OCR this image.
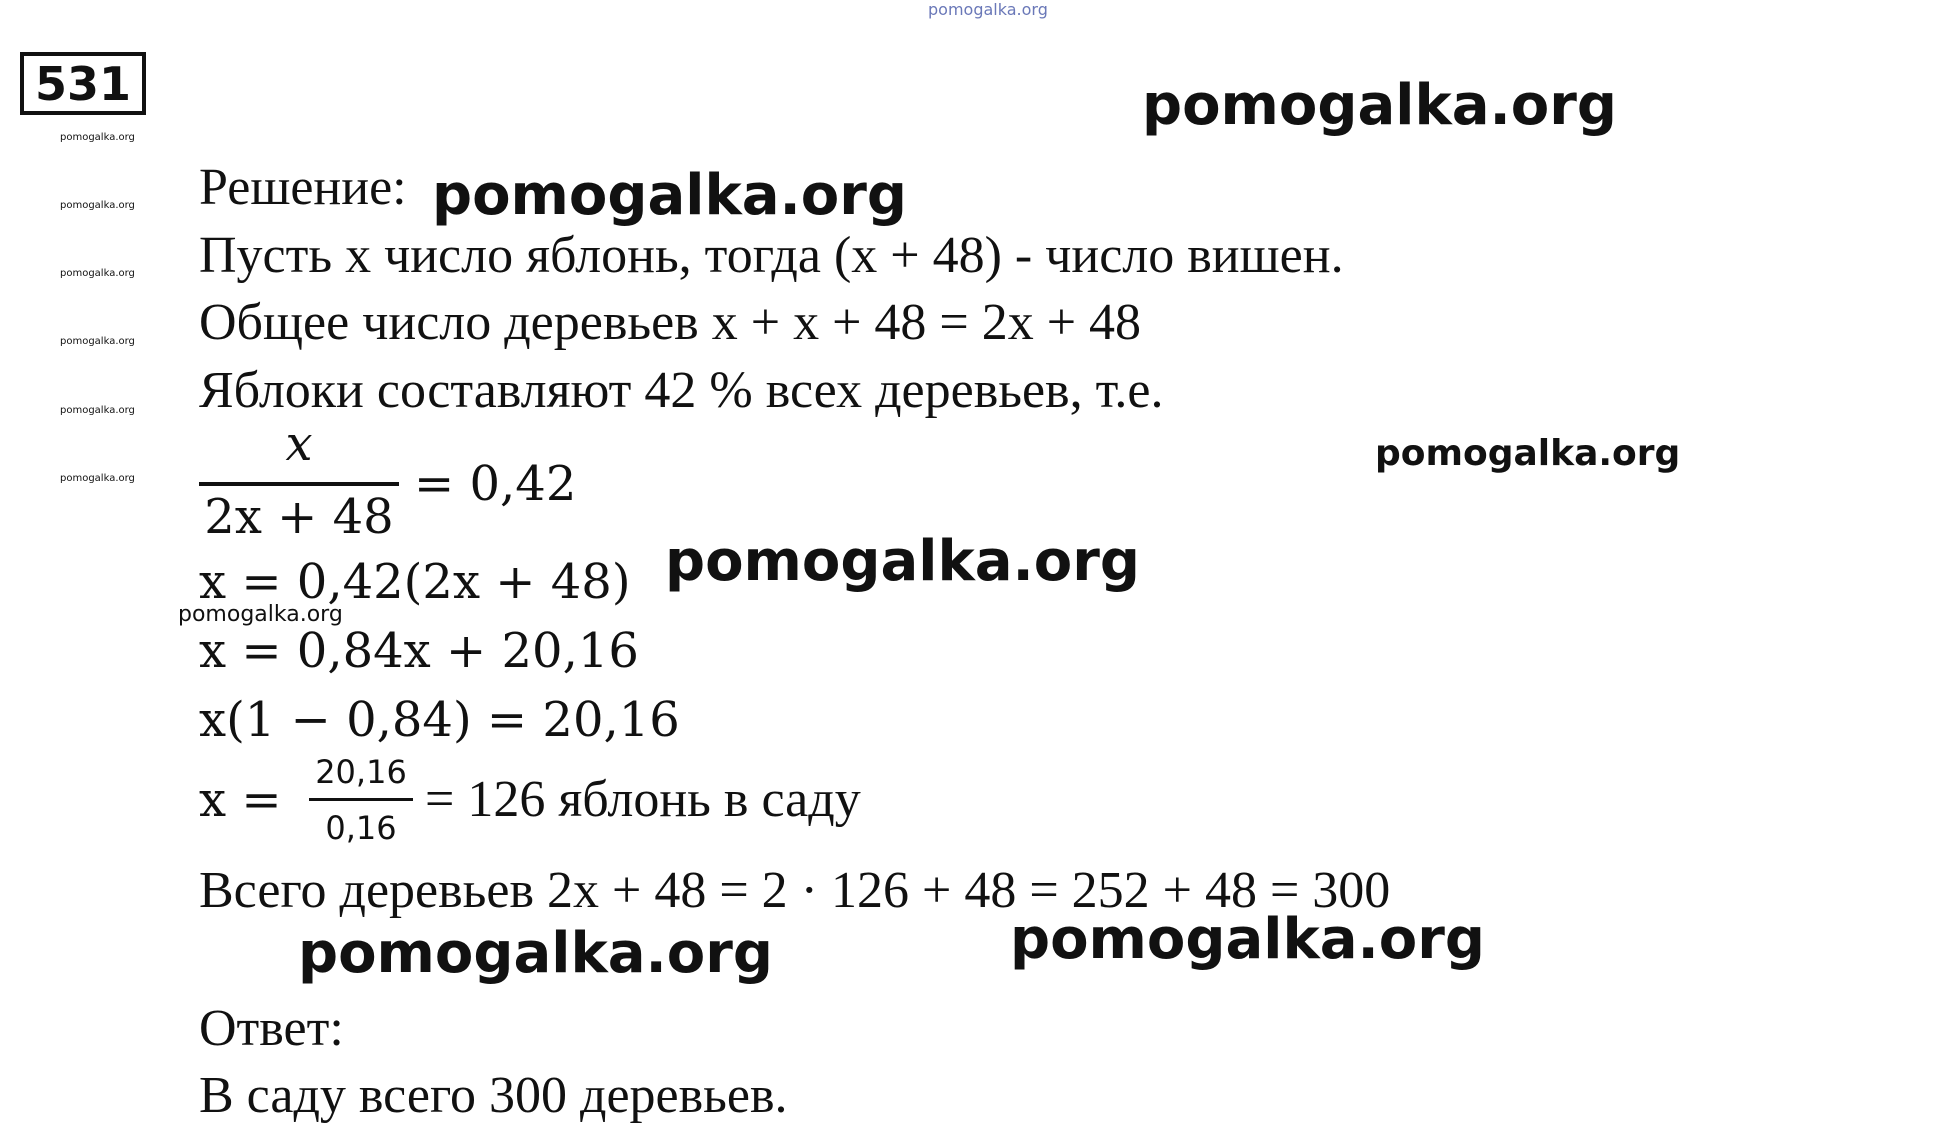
pomogalka.org
531
pomogalka.org
pomogalka.org
pomogalka.org
pomogalka.org
pomogalka.org
pomogalka.org
Решение:
Пусть x число яблонь, тогда (x + 48) - число вишен.
Общее число деревьев x + x + 48 = 2x + 48
Яблоки составляют 42 % всех деревьев, т.е.
x
2x + 48
= 0,42
x = 0,42(2x + 48)
x = 0,84x + 20,16
x(1 − 0,84) = 20,16
x =	20,16
0,16 = 126 яблонь в саду
Всего деревьев 2x + 48 = 2 · 126 + 48 = 252 + 48 = 300
Ответ:
В саду всего 300 деревьев.
pomogalka.org
pomogalka.org
pomogalka.org
pomogalka.org	pomogalka.org
pomogalka.org
pomogalka.org
